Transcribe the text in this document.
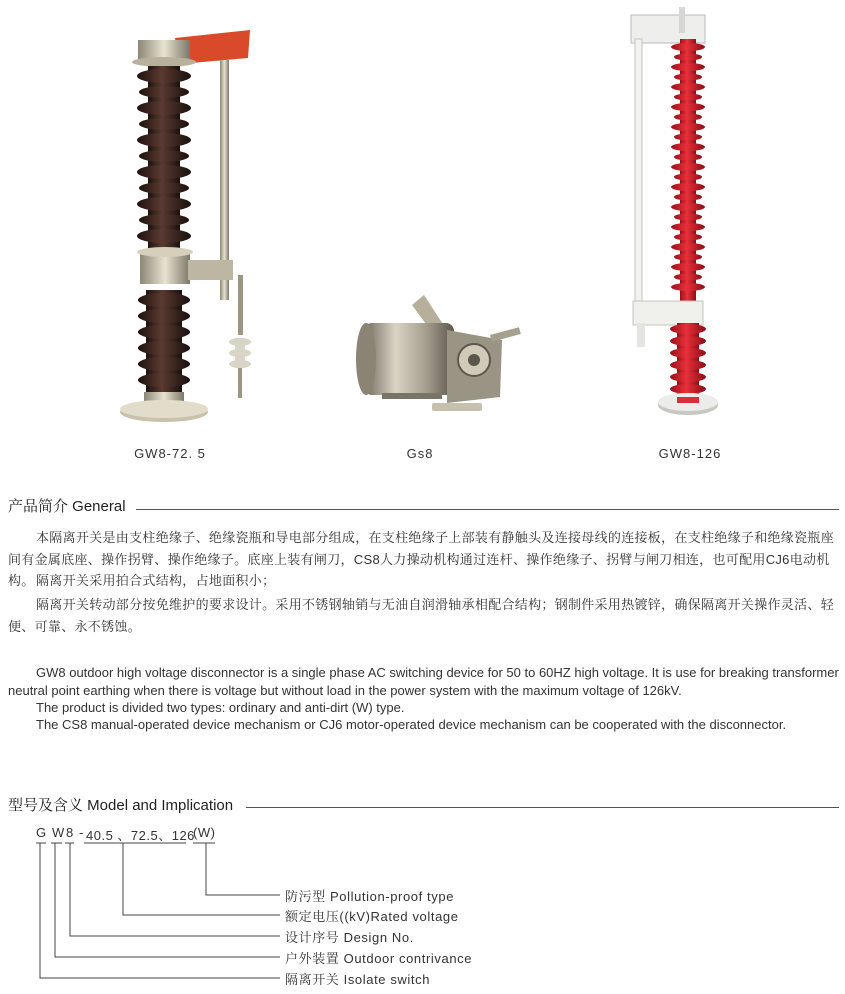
GW8-72. 5	Gs8	GW8-126
产品简介 General
本隔离开关是由支柱绝缘子、绝缘瓷瓶和导电部分组成，在支柱绝缘子上部装有静触头及连接母线的连接板，在支柱绝缘子和绝缘瓷瓶座间有金属底座、操作拐臂、操作绝缘子。底座上装有闸刀，CS8人力操动机构通过连杆、操作绝缘子、拐臂与闸刀相连，也可配用CJ6电动机构。 隔离开关采用拍合式结构，占地面积小；
隔离开关转动部分按免维护的要求设计。采用不锈钢轴销与无油自润滑轴承相配合结构；钢制件采用热镀锌，确保隔离开关操作灵活、轻便、可靠、永不锈蚀。
GW8 outdoor high voltage disconnector is a single phase AC switching device for 50 to 60HZ high voltage. It is use for breaking transformer neutral point earthing when there is voltage but without load in the power system with the maximum voltage of 126kV.
The product is divided two types: ordinary and anti-dirt (W) type.
The CS8 manual-operated device mechanism or CJ6 motor-operated device mechanism can be cooperated with the disconnector.
型号及含义 Model and Implication
G W 8 - 40.5 、72.5、126
(W)
防污型 Pollution-proof type
额定电压((kV)Rated voltage
设计序号 Design No.
户外装置 Outdoor contrivance
隔离开关 Isolate switch
